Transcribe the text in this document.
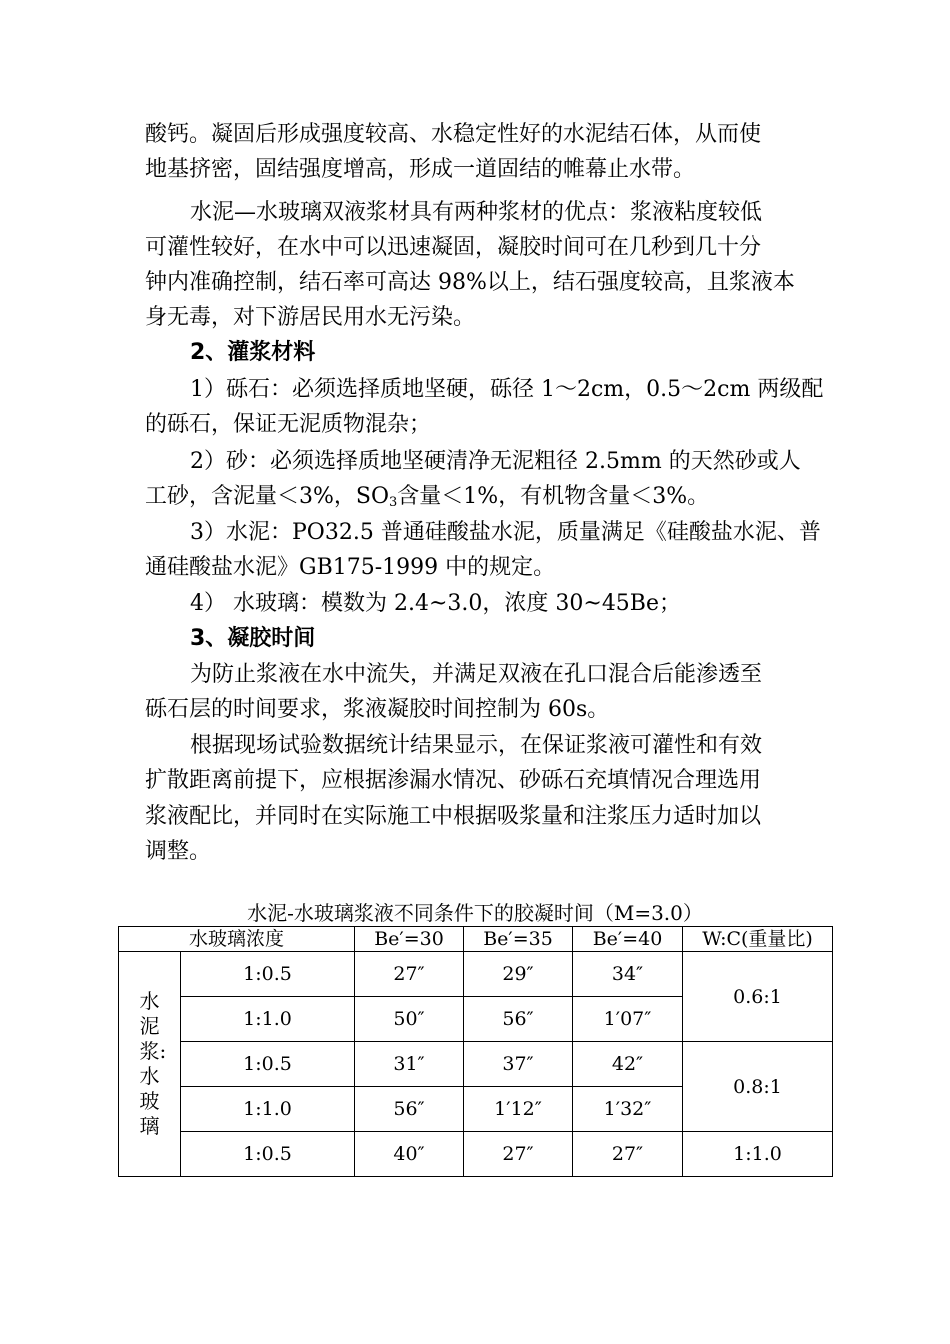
酸钙。凝固后形成强度较高、水稳定性好的水泥结石体，从而使
地基挤密，固结强度增高，形成一道固结的帷幕止水带。
水泥—水玻璃双液浆材具有两种浆材的优点：浆液粘度较低
可灌性较好，在水中可以迅速凝固，凝胶时间可在几秒到几十分
钟内准确控制，结石率可高达 98%以上，结石强度较高，且浆液本
身无毒，对下游居民用水无污染。
2、灌浆材料
1）砾石：必须选择质地坚硬，砾径 1～2cm，0.5～2cm 两级配
的砾石，保证无泥质物混杂；
2）砂：必须选择质地坚硬清净无泥粗径 2.5mm 的天然砂或人
工砂，含泥量＜3%，$SO_3$含量＜1%，有机物含量＜3%。
3）水泥：PO32.5 普通硅酸盐水泥，质量满足《硅酸盐水泥、普
通硅酸盐水泥》GB175-1999 中的规定。
4） 水玻璃：模数为 2.4~3.0，浓度 30~45Be；
3、凝胶时间
为防止浆液在水中流失，并满足双液在孔口混合后能渗透至
砾石层的时间要求，浆液凝胶时间控制为 60s。
根据现场试验数据统计结果显示，在保证浆液可灌性和有效
扩散距离前提下，应根据渗漏水情况、砂砾石充填情况合理选用
浆液配比，并同时在实际施工中根据吸浆量和注浆压力适时加以
调整。
水泥-水玻璃浆液不同条件下的胶凝时间（M=3.0）
水玻璃浓度		Be′=30	Be′=35	Be′=40	W:C(重量比)

水泥浆:水玻璃	1:0.5	27″	29″	34″	0.6:1
	1:1.0	50″	56″	1′07″	
	1:0.5	31″	37″	42″	0.8:1
	1:1.0	56″	1′12″	1′32″	
	1:0.5	40″	27″	27″	1:1.0
